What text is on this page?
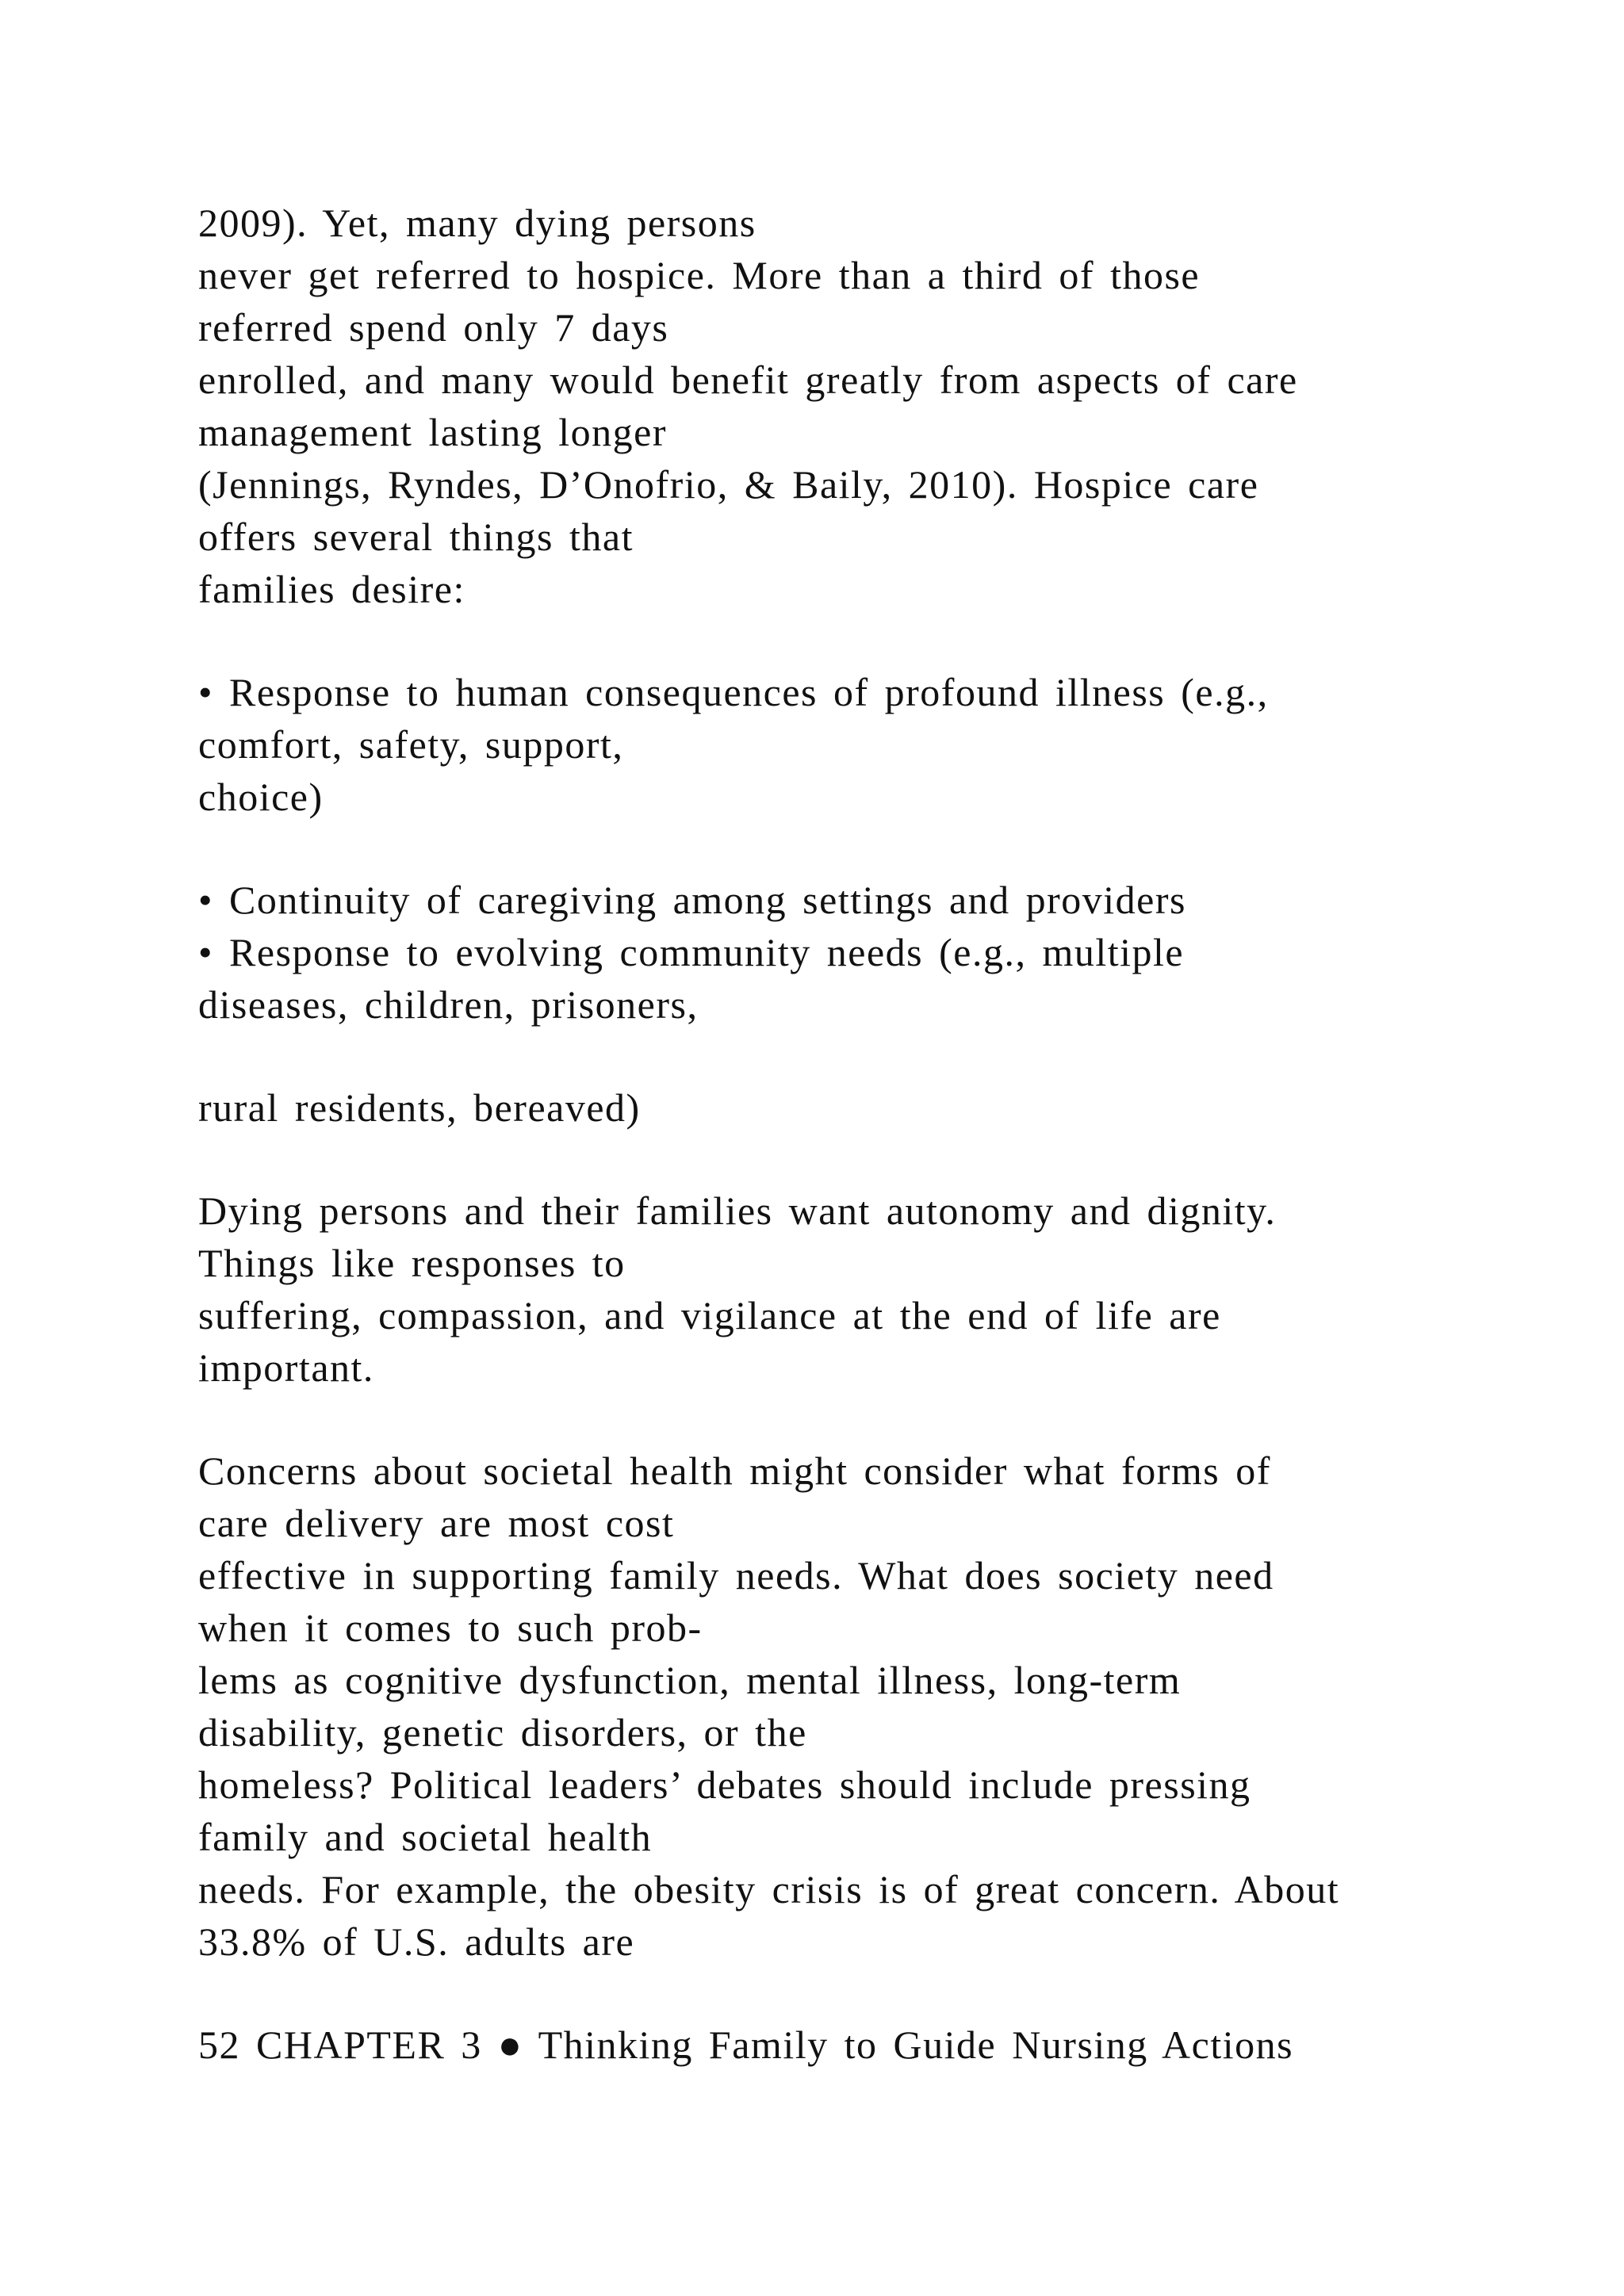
2009). Yet, many dying persons
never get referred to hospice. More than a third of those
referred spend only 7 days
enrolled, and many would benefit greatly from aspects of care
management lasting longer
(Jennings, Ryndes, D’Onofrio, & Baily, 2010). Hospice care
offers several things that
families desire:
• Response to human consequences of profound illness (e.g.,
comfort, safety, support,
choice)
• Continuity of caregiving among settings and providers
• Response to evolving community needs (e.g., multiple
diseases, children, prisoners,
rural residents, bereaved)
Dying persons and their families want autonomy and dignity.
Things like responses to
suffering, compassion, and vigilance at the end of life are
important.
Concerns about societal health might consider what forms of
care delivery are most cost
effective in supporting family needs. What does society need
when it comes to such prob-
lems as cognitive dysfunction, mental illness, long-term
disability, genetic disorders, or the
homeless? Political leaders’ debates should include pressing
family and societal health
needs. For example, the obesity crisis is of great concern. About
33.8% of U.S. adults are
52 CHAPTER 3 ● Thinking Family to Guide Nursing Actions
